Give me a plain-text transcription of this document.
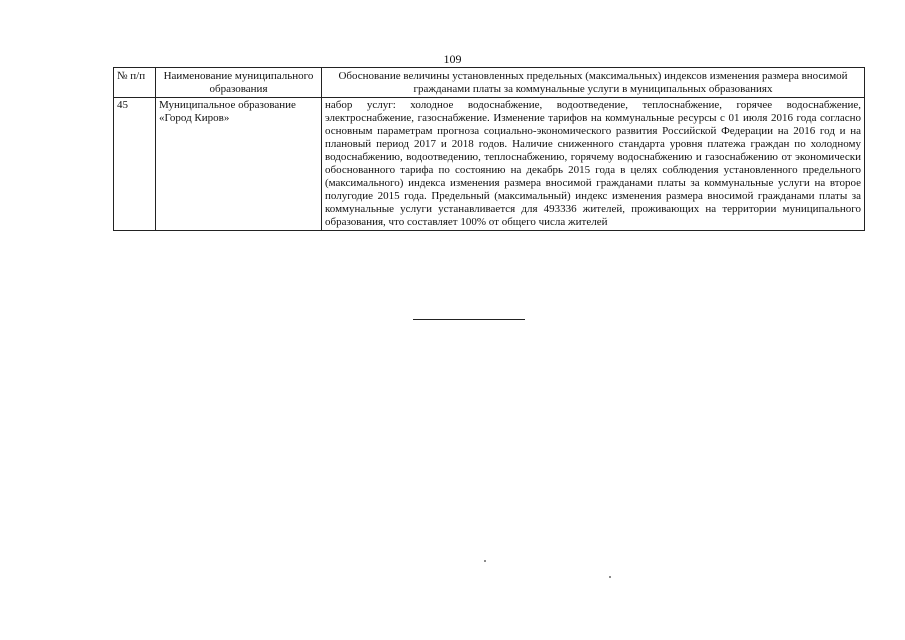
109
№ п/п	Наименование муниципального образования	Обоснование величины установленных предельных (максимальных) индексов изменения размера вносимой гражданами платы за коммунальные услуги в муниципальных образованиях
45	Муниципальное образование «Город Киров»	набор услуг: холодное водоснабжение, водоотведение, теплоснабжение, горячее водоснабжение, электроснабжение, газоснабжение. Изменение тарифов на коммунальные ресурсы с 01 июля 2016 года согласно основным параметрам прогноза социально-экономического развития Российской Федерации на 2016 год и на плановый период 2017 и 2018 годов. Наличие сниженного стандарта уровня платежа граждан по холодному водоснабжению, водоотведению, теплоснабжению, горячему водоснабжению и газоснабжению от экономически обоснованного тарифа по состоянию на декабрь 2015 года в целях соблюдения установленного предельного (максимального) индекса изменения размера вносимой гражданами платы за коммунальные услуги на второе полугодие 2015 года. Предельный (максимальный) индекс изменения размера вносимой гражданами платы за коммунальные услуги устанавливается для 493336 жителей, проживающих на территории муниципального образования, что составляет 100% от общего числа жителей
